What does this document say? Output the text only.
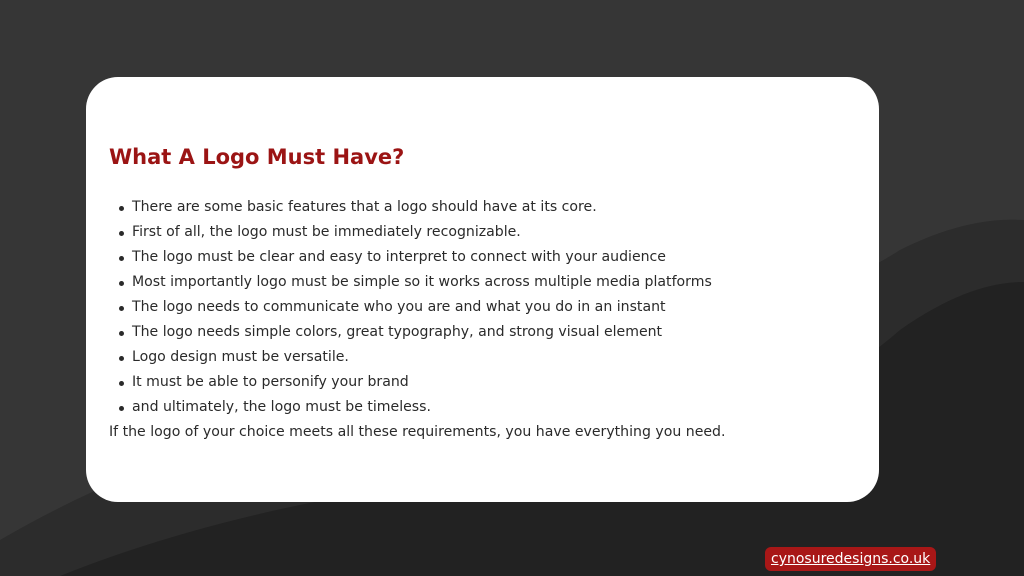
What A Logo Must Have?
There are some basic features that a logo should have at its core.
First of all, the logo must be immediately recognizable.
The logo must be clear and easy to interpret to connect with your audience
Most importantly logo must be simple so it works across multiple media platforms
The logo needs to communicate who you are and what you do in an instant
The logo needs simple colors, great typography, and strong visual element
Logo design must be versatile.
It must be able to personify your brand
and ultimately, the logo must be timeless.

If the logo of your choice meets all these requirements, you have everything you need.

cynosuredesigns.co.uk
